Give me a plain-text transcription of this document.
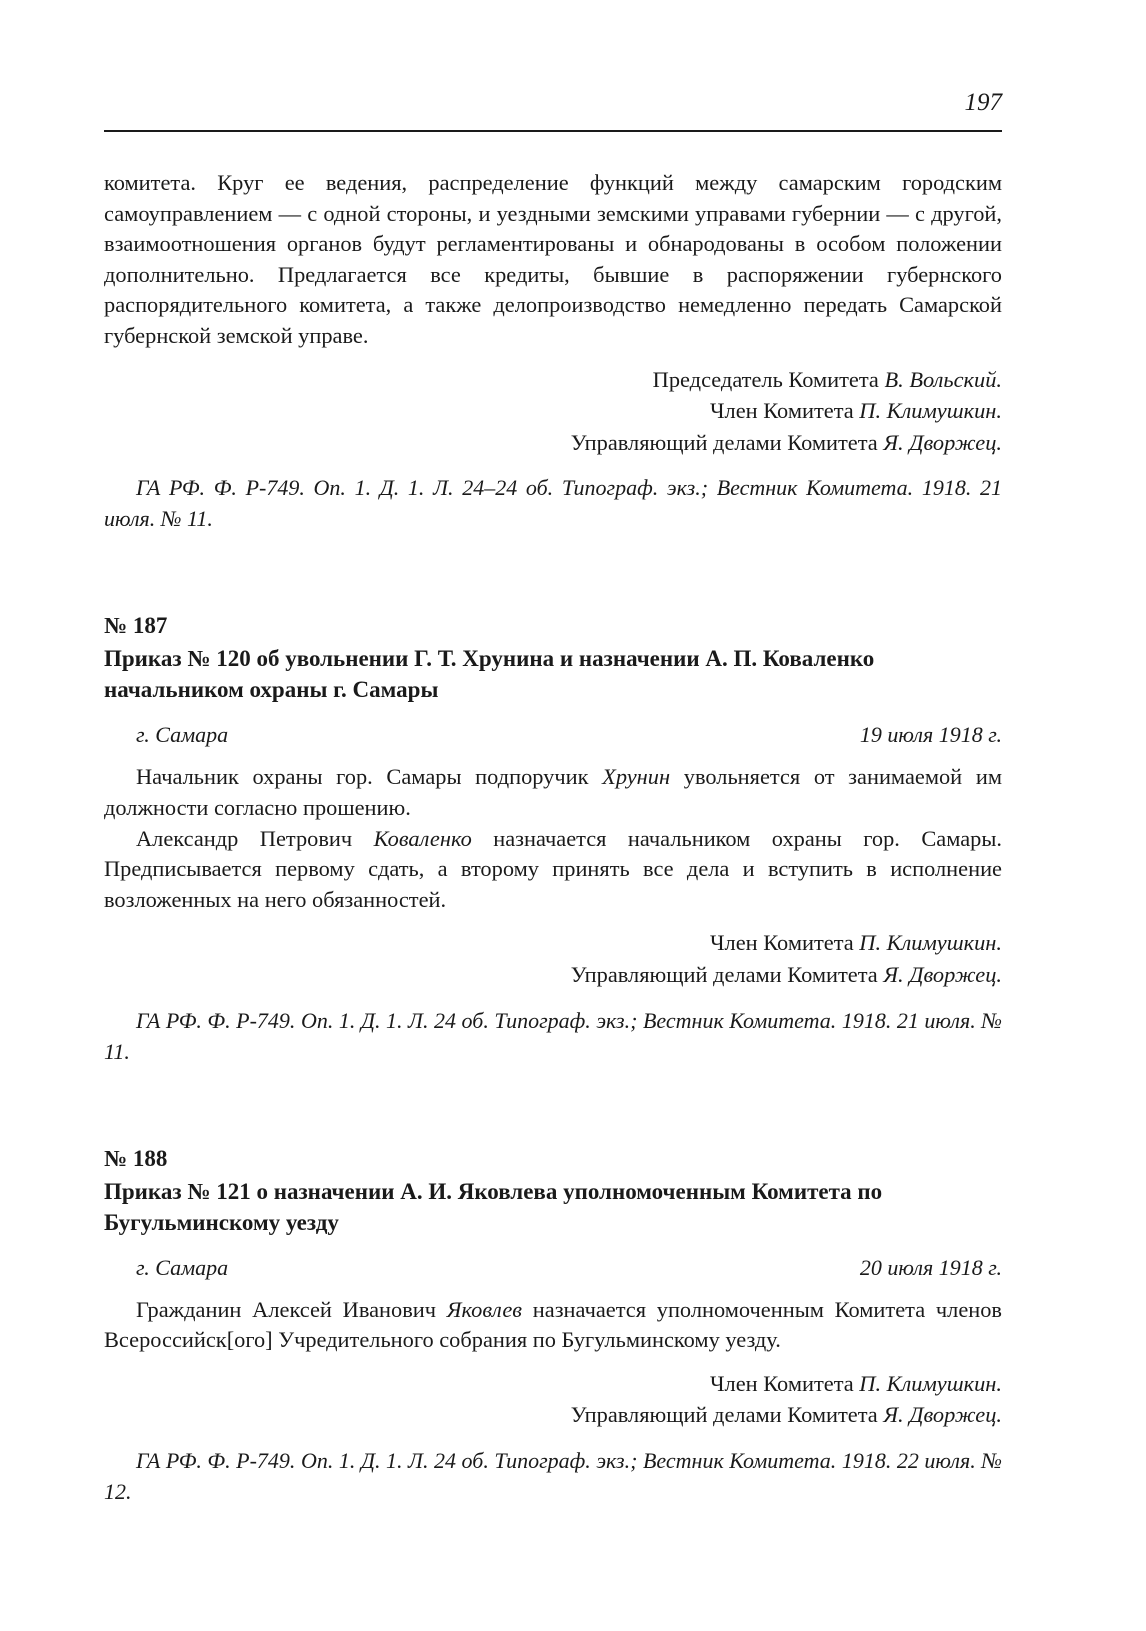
197

комитета. Круг ее ведения, распределение функций между самарским городским самоуправлением — с одной стороны, и уездными земскими управами губернии — с другой, взаимоотношения органов будут регламентированы и обнародованы в особом положении дополнительно. Предлагается все кредиты, бывшие в распоряжении губернского распорядительного комитета, а также делопроизводство немедленно передать Самарской губернской земской управе.

Председатель Комитета В. Вольский.
Член Комитета П. Климушкин.
Управляющий делами Комитета Я. Дворжец.

ГА РФ. Ф. Р-749. Оп. 1. Д. 1. Л. 24–24 об. Типограф. экз.; Вестник Комитета. 1918. 21 июля. № 11.

№ 187

Приказ № 120 об увольнении Г. Т. Хрунина и назначении А. П. Коваленко начальником охраны г. Самары

г. Самара	19 июля 1918 г.

Начальник охраны гор. Самары подпоручик Хрунин увольняется от занимаемой им должности согласно прошению.

Александр Петрович Коваленко назначается начальником охраны гор. Самары. Предписывается первому сдать, а второму принять все дела и вступить в исполнение возложенных на него обязанностей.

Член Комитета П. Климушкин.
Управляющий делами Комитета Я. Дворжец.

ГА РФ. Ф. Р-749. Оп. 1. Д. 1. Л. 24 об. Типограф. экз.; Вестник Комитета. 1918. 21 июля. № 11.

№ 188

Приказ № 121 о назначении А. И. Яковлева уполномоченным Комитета по Бугульминскому уезду

г. Самара	20 июля 1918 г.

Гражданин Алексей Иванович Яковлев назначается уполномоченным Комитета членов Всероссийск[ого] Учредительного собрания по Бугульминскому уезду.

Член Комитета П. Климушкин.
Управляющий делами Комитета Я. Дворжец.

ГА РФ. Ф. Р-749. Оп. 1. Д. 1. Л. 24 об. Типограф. экз.; Вестник Комитета. 1918. 22 июля. № 12.
